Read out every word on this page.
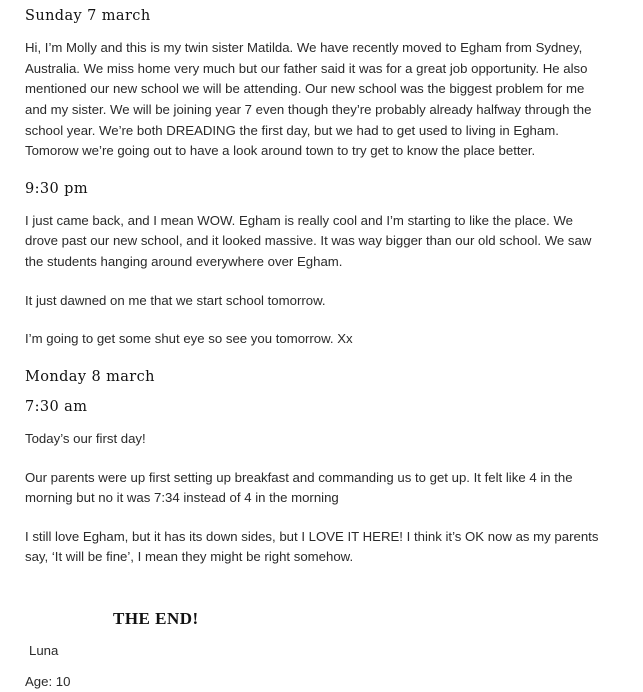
Sunday 7 march

Hi, I’m Molly and this is my twin sister Matilda. We have recently moved to Egham from Sydney, Australia. We miss home very much but our father said it was for a great job opportunity. He also mentioned our new school we will be attending. Our new school was the biggest problem for me and my sister. We will be joining year 7 even though they’re probably already halfway through the school year. We’re both DREADING the first day, but we had to get used to living in Egham. Tomorow we’re going out to have a look around town to try get to know the place better.

9:30 pm

I just came back, and I mean WOW. Egham is really cool and I’m starting to like the place. We drove past our new school, and it looked massive. It was way bigger than our old school. We saw the students hanging around everywhere over Egham.

It just dawned on me that we start school tomorrow.

I’m going to get some shut eye so see you tomorrow. Xx

Monday 8 march
7:30 am

Today’s our first day!

Our parents were up first setting up breakfast and commanding us to get up. It felt like 4 in the morning but no it was 7:34 instead of 4 in the morning

I still love Egham, but it has its down sides, but I LOVE IT HERE! I think it’s OK now as my parents say, ‘It will be fine’, I mean they might be right somehow.

THE END!

Luna

Age: 10
